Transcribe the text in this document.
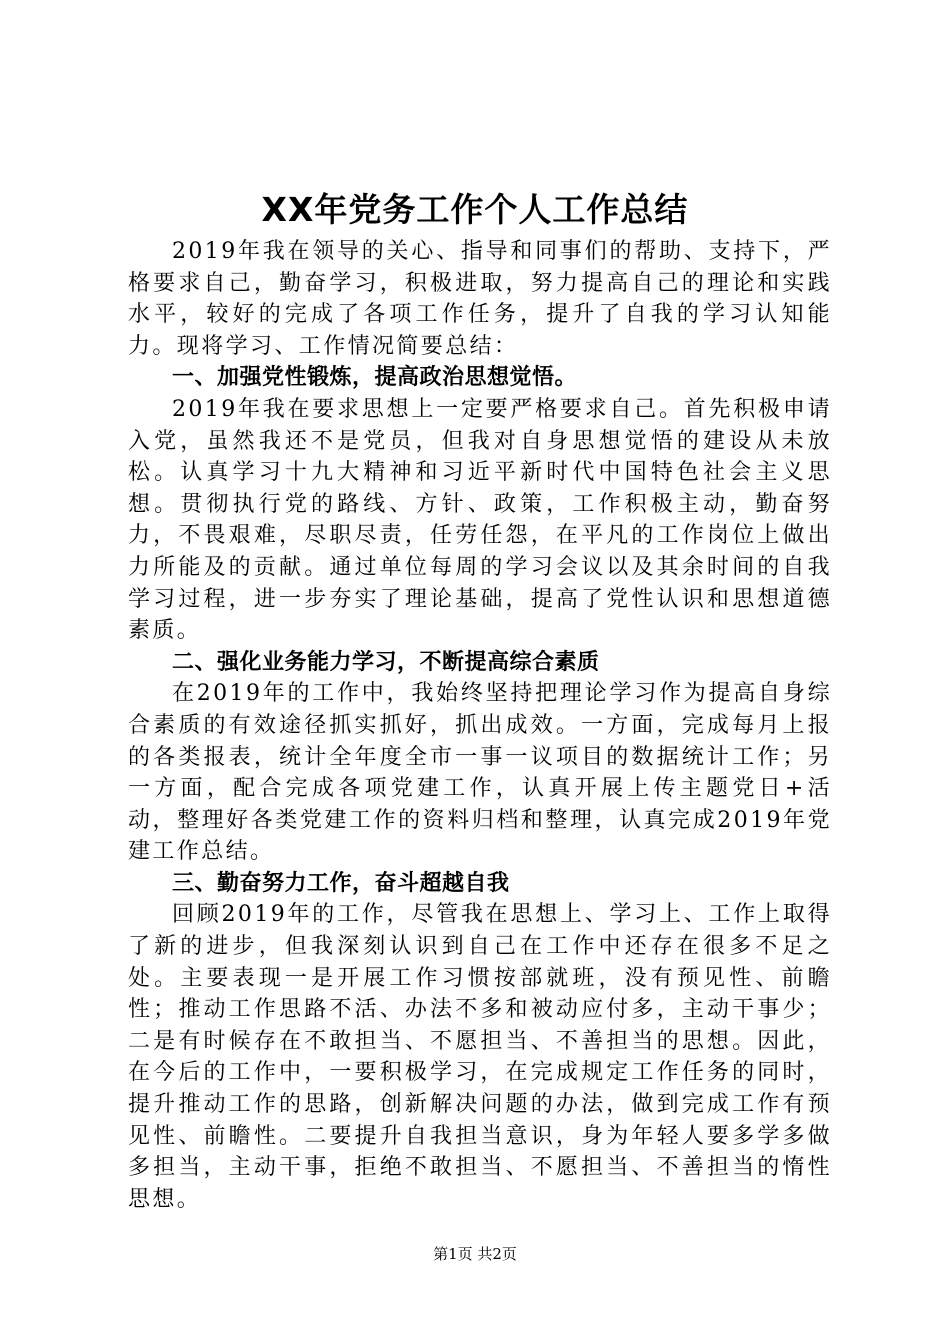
XX年党务工作个人工作总结

2019年我在领导的关心、指导和同事们的帮助、支持下，严格要求自己，勤奋学习，积极进取，努力提高自己的理论和实践水平，较好的完成了各项工作任务，提升了自我的学习认知能力。现将学习、工作情况简要总结：

一、加强党性锻炼，提高政治思想觉悟。

2019年我在要求思想上一定要严格要求自己。首先积极申请入党，虽然我还不是党员，但我对自身思想觉悟的建设从未放松。认真学习十九大精神和习近平新时代中国特色社会主义思想。贯彻执行党的路线、方针、政策，工作积极主动，勤奋努力，不畏艰难，尽职尽责，任劳任怨，在平凡的工作岗位上做出力所能及的贡献。通过单位每周的学习会议以及其余时间的自我学习过程，进一步夯实了理论基础，提高了党性认识和思想道德素质。

二、强化业务能力学习，不断提高综合素质

在2019年的工作中，我始终坚持把理论学习作为提高自身综合素质的有效途径抓实抓好，抓出成效。一方面，完成每月上报的各类报表，统计全年度全市一事一议项目的数据统计工作；另一方面，配合完成各项党建工作，认真开展上传主题党日+活动，整理好各类党建工作的资料归档和整理，认真完成2019年党建工作总结。

三、勤奋努力工作，奋斗超越自我

回顾2019年的工作，尽管我在思想上、学习上、工作上取得了新的进步，但我深刻认识到自己在工作中还存在很多不足之处。主要表现一是开展工作习惯按部就班，没有预见性、前瞻性；推动工作思路不活、办法不多和被动应付多，主动干事少；二是有时候存在不敢担当、不愿担当、不善担当的思想。因此，在今后的工作中，一要积极学习，在完成规定工作任务的同时，提升推动工作的思路，创新解决问题的办法，做到完成工作有预见性、前瞻性。二要提升自我担当意识，身为年轻人要多学多做多担当，主动干事，拒绝不敢担当、不愿担当、不善担当的惰性思想。

第1页 共2页
